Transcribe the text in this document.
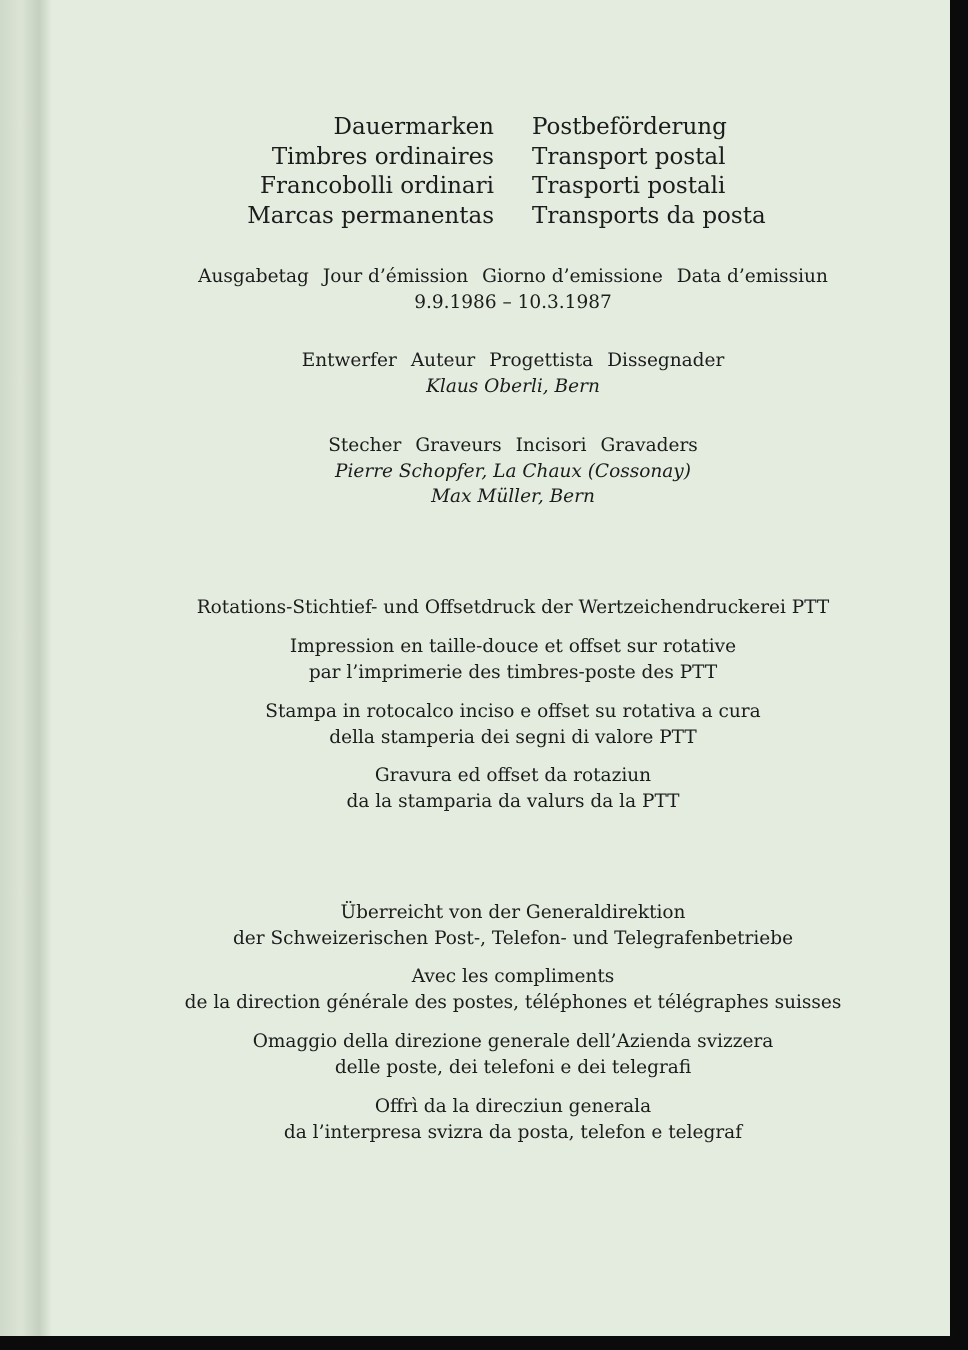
Dauermarken
Timbres ordinaires
Francobolli ordinari
Marcas permanentas
Postbeförderung
Transport postal
Trasporti postali
Transports da posta
Ausgabetag Jour d’émission Giorno d’emissione Data d’emissiun
9.9.1986 – 10.3.1987
Entwerfer Auteur Progettista Dissegnader
Klaus Oberli, Bern
Stecher Graveurs Incisori Gravaders
Pierre Schopfer, La Chaux (Cossonay)
Max Müller, Bern
Rotations-Stichtief- und Offsetdruck der Wertzeichendruckerei PTT
Impression en taille-douce et offset sur rotative
par l’imprimerie des timbres-poste des PTT
Stampa in rotocalco inciso e offset su rotativa a cura
della stamperia dei segni di valore PTT
Gravura ed offset da rotaziun
da la stamparia da valurs da la PTT
Überreicht von der Generaldirektion
der Schweizerischen Post-, Telefon- und Telegrafenbetriebe
Avec les compliments
de la direction générale des postes, téléphones et télégraphes suisses
Omaggio della direzione generale dell’Azienda svizzera
delle poste, dei telefoni e dei telegrafi
Offrì da la direcziun generala
da l’interpresa svizra da posta, telefon e telegraf
